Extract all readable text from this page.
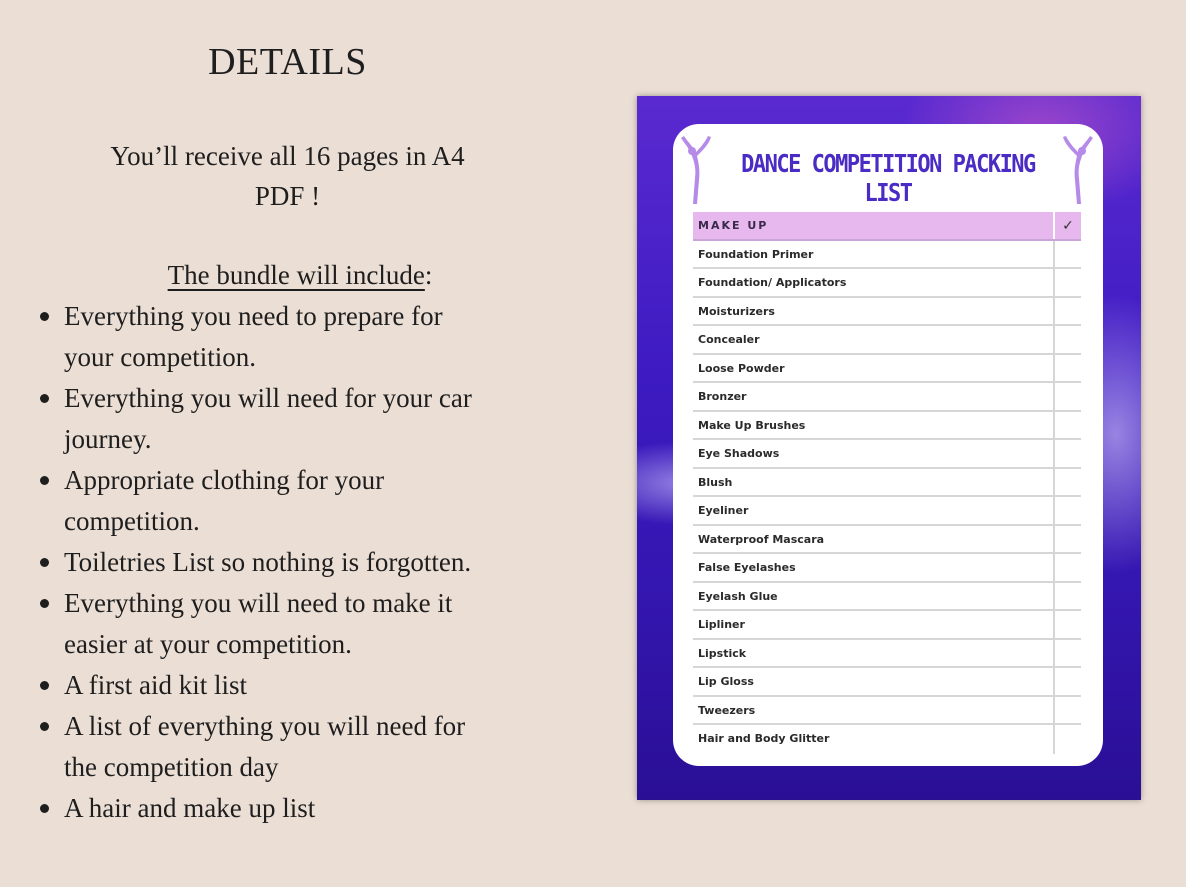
DETAILS
You’ll receive all 16 pages in A4
PDF !
The bundle will include:
Everything you need to prepare for
your competition.
Everything you will need for your car
journey.
Appropriate clothing for your
competition.
Toiletries List so nothing is forgotten.
Everything you will need to make it
easier at your competition.
A first aid kit list
A list of everything you will need for
the competition day
A hair and make up list
DANCE COMPETITION PACKING LIST
MAKE UP	✓
Foundation Primer
Foundation/ Applicators
Moisturizers
Concealer
Loose Powder
Bronzer
Make Up Brushes
Eye Shadows
Blush
Eyeliner
Waterproof Mascara
False Eyelashes
Eyelash Glue
Lipliner
Lipstick
Lip Gloss
Tweezers
Hair and Body Glitter
